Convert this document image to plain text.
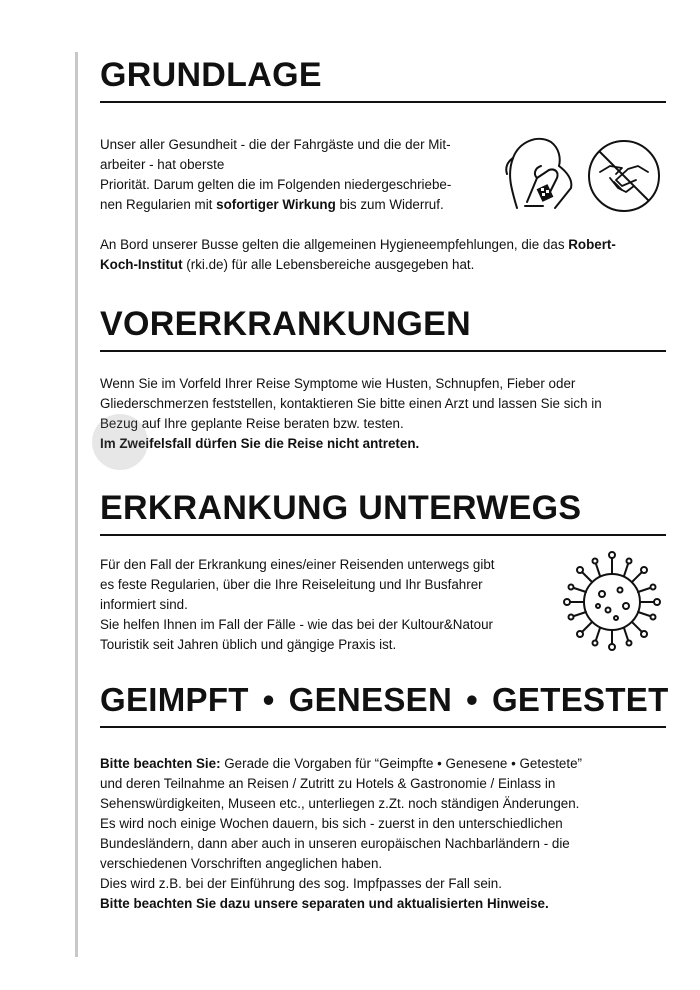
GRUNDLAGE

Unser aller Gesundheit - die der Fahrgäste und die der Mit-
arbeiter - hat oberste
Priorität. Darum gelten die im Folgenden niedergeschriebe-
nen Regularien mit sofortiger Wirkung bis zum Widerruf.

An Bord unserer Busse gelten die allgemeinen Hygieneempfehlungen, die das Robert-
Koch-Institut (rki.de) für alle Lebensbereiche ausgegeben hat.

VORERKRANKUNGEN

Wenn Sie im Vorfeld Ihrer Reise Symptome wie Husten, Schnupfen, Fieber oder
Gliederschmerzen feststellen, kontaktieren Sie bitte einen Arzt und lassen Sie sich in
Bezug auf Ihre geplante Reise beraten bzw. testen.
Im Zweifelsfall dürfen Sie die Reise nicht antreten.

ERKRANKUNG UNTERWEGS

Für den Fall der Erkrankung eines/einer Reisenden unterwegs gibt
es feste Regularien, über die Ihre Reiseleitung und Ihr Busfahrer
informiert sind.
Sie helfen Ihnen im Fall der Fälle - wie das bei der Kultour&Natour
Touristik seit Jahren üblich und gängige Praxis ist.

GEIMPFT • GENESEN • GETESTET

Bitte beachten Sie: Gerade die Vorgaben für “Geimpfte • Genesene • Getestete”
und deren Teilnahme an Reisen / Zutritt zu Hotels & Gastronomie / Einlass in
Sehenswürdigkeiten, Museen etc., unterliegen z.Zt. noch ständigen Änderungen.
Es wird noch einige Wochen dauern, bis sich - zuerst in den unterschiedlichen
Bundesländern, dann aber auch in unseren europäischen Nachbarländern - die
verschiedenen Vorschriften angeglichen haben.
Dies wird z.B. bei der Einführung des sog. Impfpasses der Fall sein.
Bitte beachten Sie dazu unsere separaten und aktualisierten Hinweise.
